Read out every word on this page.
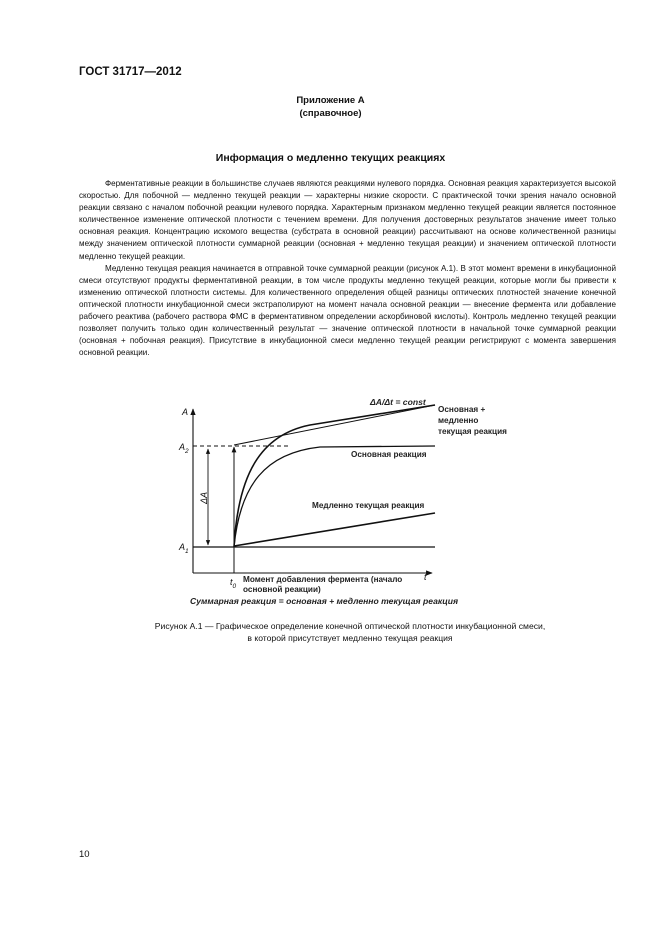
ГОСТ 31717—2012
Приложение А
(справочное)
Информация о медленно текущих реакциях

Ферментативные реакции в большинстве случаев являются реакциями нулевого порядка. Основная реакция характеризуется высокой скоростью. Для побочной — медленно текущей реакции — характерны низкие скорости. С практической точки зрения начало основной реакции связано с началом побочной реакции нулевого порядка. Характерным признаком медленно текущей реакции является постоянное количественное изменение оптической плотности с течением времени. Для получения достоверных результатов значение имеет только основная реакция. Концентрацию искомого вещества (субстрата в основной реакции) рассчитывают на основе количественной разницы между значением оптической плотности суммарной реакции (основная + медленно текущая реакции) и значением оптической плотности медленно текущей реакции.

Медленно текущая реакция начинается в отправной точке суммарной реакции (рисунок А.1). В этот момент времени в инкубационной смеси отсутствуют продукты ферментативной реакции, в том числе продукты медленно текущей реакции, которые могли бы привести к изменению оптической плотности системы. Для количественного определения общей разницы оптических плотностей значение конечной оптической плотности инкубационной смеси экстраполируют на момент начала основной реакции — внесение фермента или добавление рабочего реактива (рабочего раствора ФМС в ферментативном определении аскорбиновой кислоты). Контроль медленно текущей реакции позволяет получить только один количественный результат — значение оптической плотности в начальной точке суммарной реакции (основная + побочная реакция). Присутствие в инкубационной смеси медленно текущей реакции регистрируют с момента завершения основной реакции.

A
t
$A_2$
$A_1$
ΔA
$t_0$
ΔA/Δt = const
Основная +
медленно
текущая реакция
Основная реакция
Медленно текущая реакция
Момент добавления фермента (начало
основной реакции)
Суммарная реакция = основная + медленно текущая реакция
Рисунок А.1 — Графическое определение конечной оптической плотности инкубационной смеси,
в которой присутствует медленно текущая реакция
10
